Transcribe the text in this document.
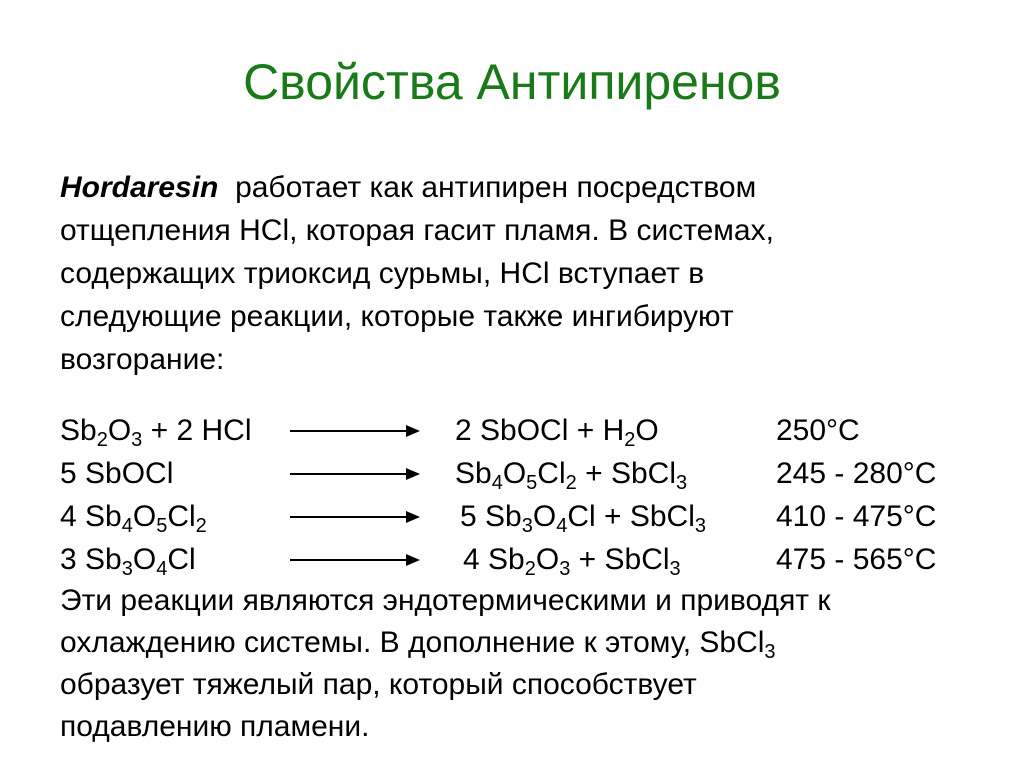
Свойства Антипиренов
Hordaresin работает как антипирен посредством
отщепления HCl, которая гасит пламя. В системах,
содержащих триоксид сурьмы, HCl вступает в
следующие реакции, которые также ингибируют
возгорание:
$Sb_2O_3 + 2$ HCl	2 SbOCl + $H_2O$	250°C
5 SbOCl	$Sb_4O_5Cl_2$ + SbCl$_3$	245 - 280°C
4 $Sb_4O_5Cl_2$	5 $Sb_3O_4Cl$ + SbCl$_3$ 410 - 475°C
3 $Sb_3O_4Cl$	4 $Sb_2O_3$ + SbCl$_3$	475 - 565°C
Эти реакции являются эндотермическими и приводят к
охлаждению системы. В дополнение к этому, SbCl$_3$
образует тяжелый пар, который способствует
подавлению пламени.
